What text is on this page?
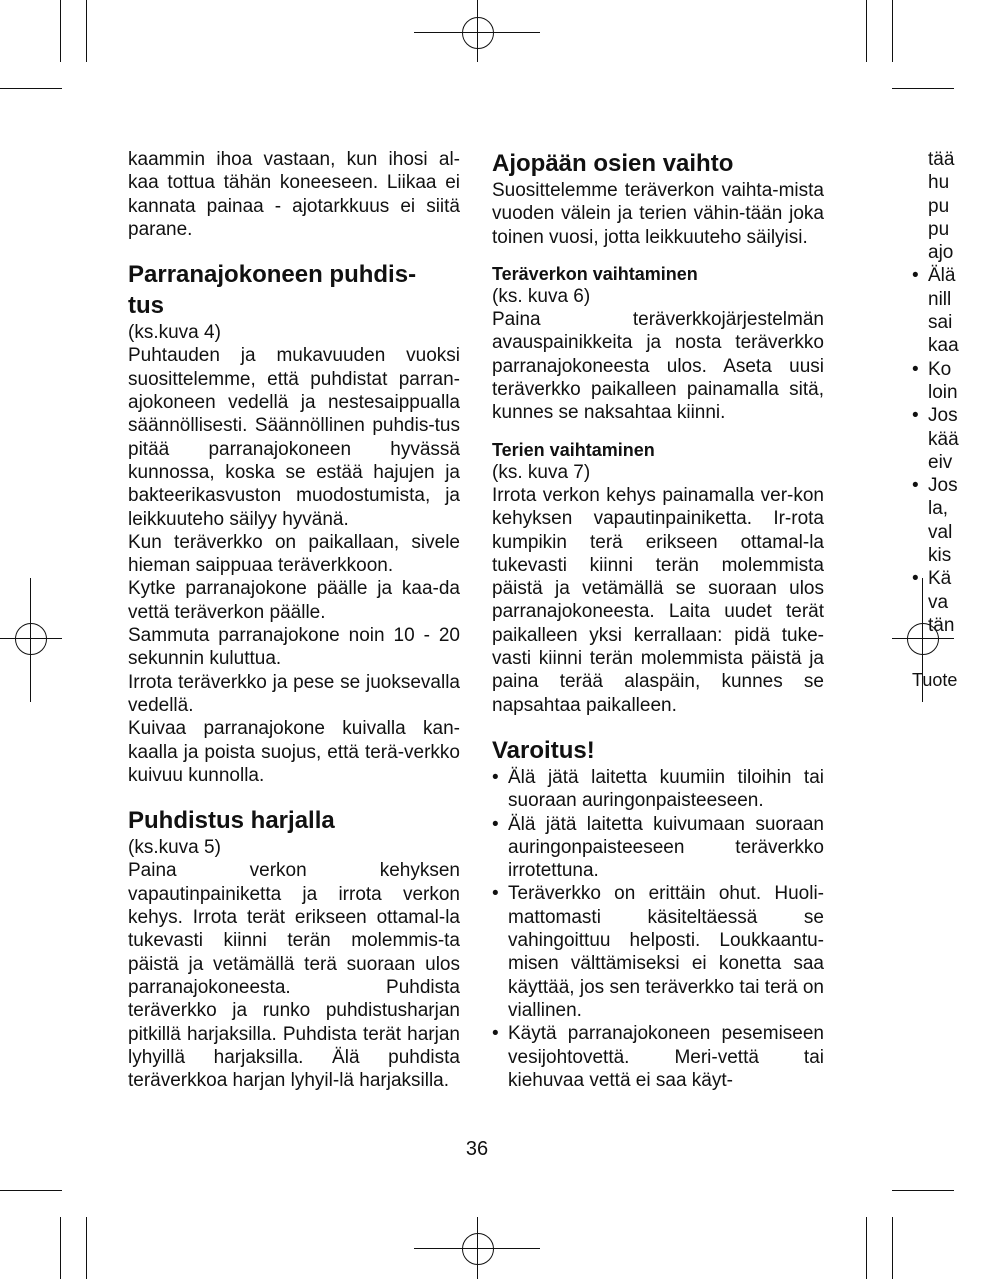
kaammin ihoa vastaan, kun ihosi al-kaa tottua tähän koneeseen. Liikaa ei kannata painaa - ajotarkkuus ei siitä parane.

Parranajokoneen puhdis-tus

(ks.kuva 4)

Puhtauden ja mukavuuden vuoksi suosittelemme, että puhdistat parran-ajokoneen vedellä ja nestesaippualla säännöllisesti. Säännöllinen puhdis-tus pitää parranajokoneen hyvässä kunnossa, koska se estää hajujen ja bakteerikasvuston muodostumista, ja leikkuuteho säilyy hyvänä.

Kun teräverkko on paikallaan, sivele hieman saippuaa teräverkkoon.

Kytke parranajokone päälle ja kaa-da vettä teräverkon päälle.

Sammuta parranajokone noin 10 - 20 sekunnin kuluttua.

Irrota teräverkko ja pese se juoksevalla vedellä.

Kuivaa parranajokone kuivalla kan-kaalla ja poista suojus, että terä-verkko kuivuu kunnolla.

Puhdistus harjalla

(ks.kuva 5)

Paina verkon kehyksen vapautinpainiketta ja irrota verkon kehys. Irrota terät erikseen ottamal-la tukevasti kiinni terän molemmis-ta päistä ja vetämällä terä suoraan ulos parranajokoneesta. Puhdista teräverkko ja runko puhdistusharjan pitkillä harjaksilla. Puhdista terät harjan lyhyillä harjaksilla. Älä puhdista teräverkkoa harjan lyhyil-lä harjaksilla.

Ajopään osien vaihto

Suosittelemme teräverkon vaihta-mista vuoden välein ja terien vähin-tään joka toinen vuosi, jotta leikkuuteho säilyisi.

Teräverkon vaihtaminen

(ks. kuva 6)

Paina teräverkkojärjestelmän avauspainikkeita ja nosta teräverkko parranajokoneesta ulos. Aseta uusi teräverkko paikalleen painamalla sitä, kunnes se naksahtaa kiinni.

Terien vaihtaminen

(ks. kuva 7)

Irrota verkon kehys painamalla ver-kon kehyksen vapautinpainiketta. Ir-rota kumpikin terä erikseen ottamal-la tukevasti kiinni terän molemmista päistä ja vetämällä se suoraan ulos parranajokoneesta. Laita uudet terät paikalleen yksi kerrallaan: pidä tuke-vasti kiinni terän molemmista päistä ja paina terää alaspäin, kunnes se napsahtaa paikalleen.

Varoitus!
• Älä jätä laitetta kuumiin tiloihin tai suoraan auringonpaisteeseen.
• Älä jätä laitetta kuivumaan suoraan auringonpaisteeseen teräverkko irrotettuna.
• Teräverkko on erittäin ohut. Huoli-mattomasti käsiteltäessä se vahingoittuu helposti. Loukkaantu-misen välttämiseksi ei konetta saa käyttää, jos sen teräverkko tai terä on viallinen.
• Käytä parranajokoneen pesemiseen vesijohtovettä. Meri-vettä tai kiehuvaa vettä ei saa käyt-
tää
hu
pu
pu
ajo
• Älä
nill
sai
kaa
• Ko
loin
• Jos
kää
eiv
• Jos
la,
val
kis
• Kä
va
tän
Tuote
36
